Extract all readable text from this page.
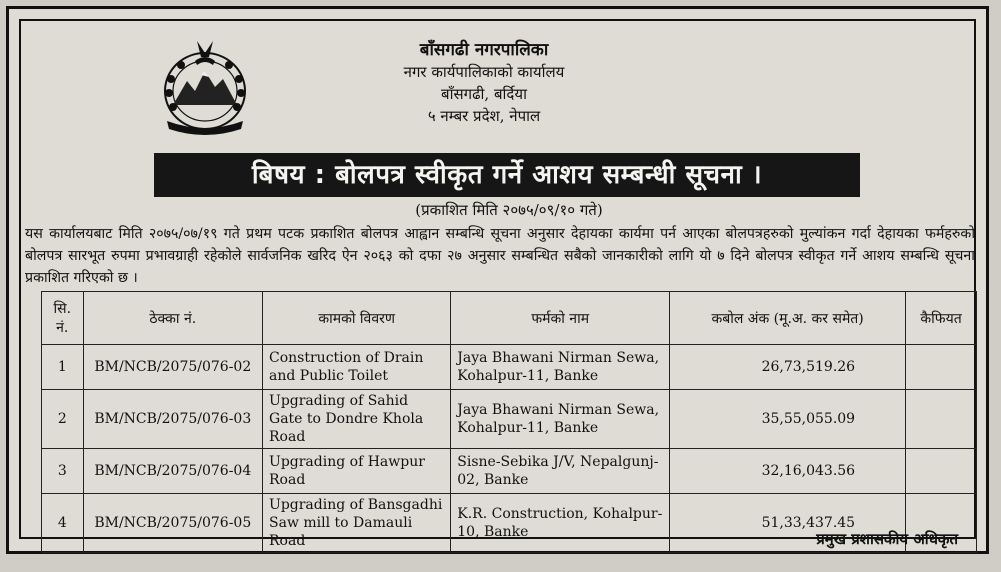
बाँसगढी नगरपालिका
नगर कार्यपालिकाको कार्यालय
बाँसगढी, बर्दिया
५ नम्बर प्रदेश, नेपाल
बिषय : बोलपत्र स्वीकृत गर्ने आशय सम्बन्धी सूचना ।
(प्रकाशित मिति २०७५/०९/१० गते)
यस कार्यालयबाट मिति २०७५/०७/१९ गते प्रथम पटक प्रकाशित बोलपत्र आह्वान सम्बन्धि सूचना अनुसार देहायका कार्यमा पर्न आएका बोलपत्रहरुको मुल्यांकन गर्दा देहायका फर्महरुको बोलपत्र सारभूत रुपमा प्रभावग्राही रहेकोले सार्वजनिक खरिद ऐन २०६३ को दफा २७ अनुसार सम्बन्धित सबैको जानकारीको लागि यो ७ दिने बोलपत्र स्वीकृत गर्ने आशय सम्बन्धि सूचना प्रकाशित गरिएको छ ।
सि. नं.	ठेक्का नं.	कामको विवरण	फर्मको नाम	कबोल अंक (मू.अ. कर समेत)	कैफियत
1	BM/NCB/2075/076-02	Construction of Drain and Public Toilet	Jaya Bhawani Nirman Sewa, Kohalpur-11, Banke	26,73,519.26	
2	BM/NCB/2075/076-03	Upgrading of Sahid Gate to Dondre Khola Road	Jaya Bhawani Nirman Sewa, Kohalpur-11, Banke	35,55,055.09	
3	BM/NCB/2075/076-04	Upgrading of Hawpur Road	Sisne-Sebika J/V, Nepalgunj-02, Banke	32,16,043.56	
4	BM/NCB/2075/076-05	Upgrading of Bansgadhi Saw mill to Damauli Road	K.R. Construction, Kohalpur-10, Banke	51,33,437.45	
प्रमुख प्रशासकीय अधिकृत
